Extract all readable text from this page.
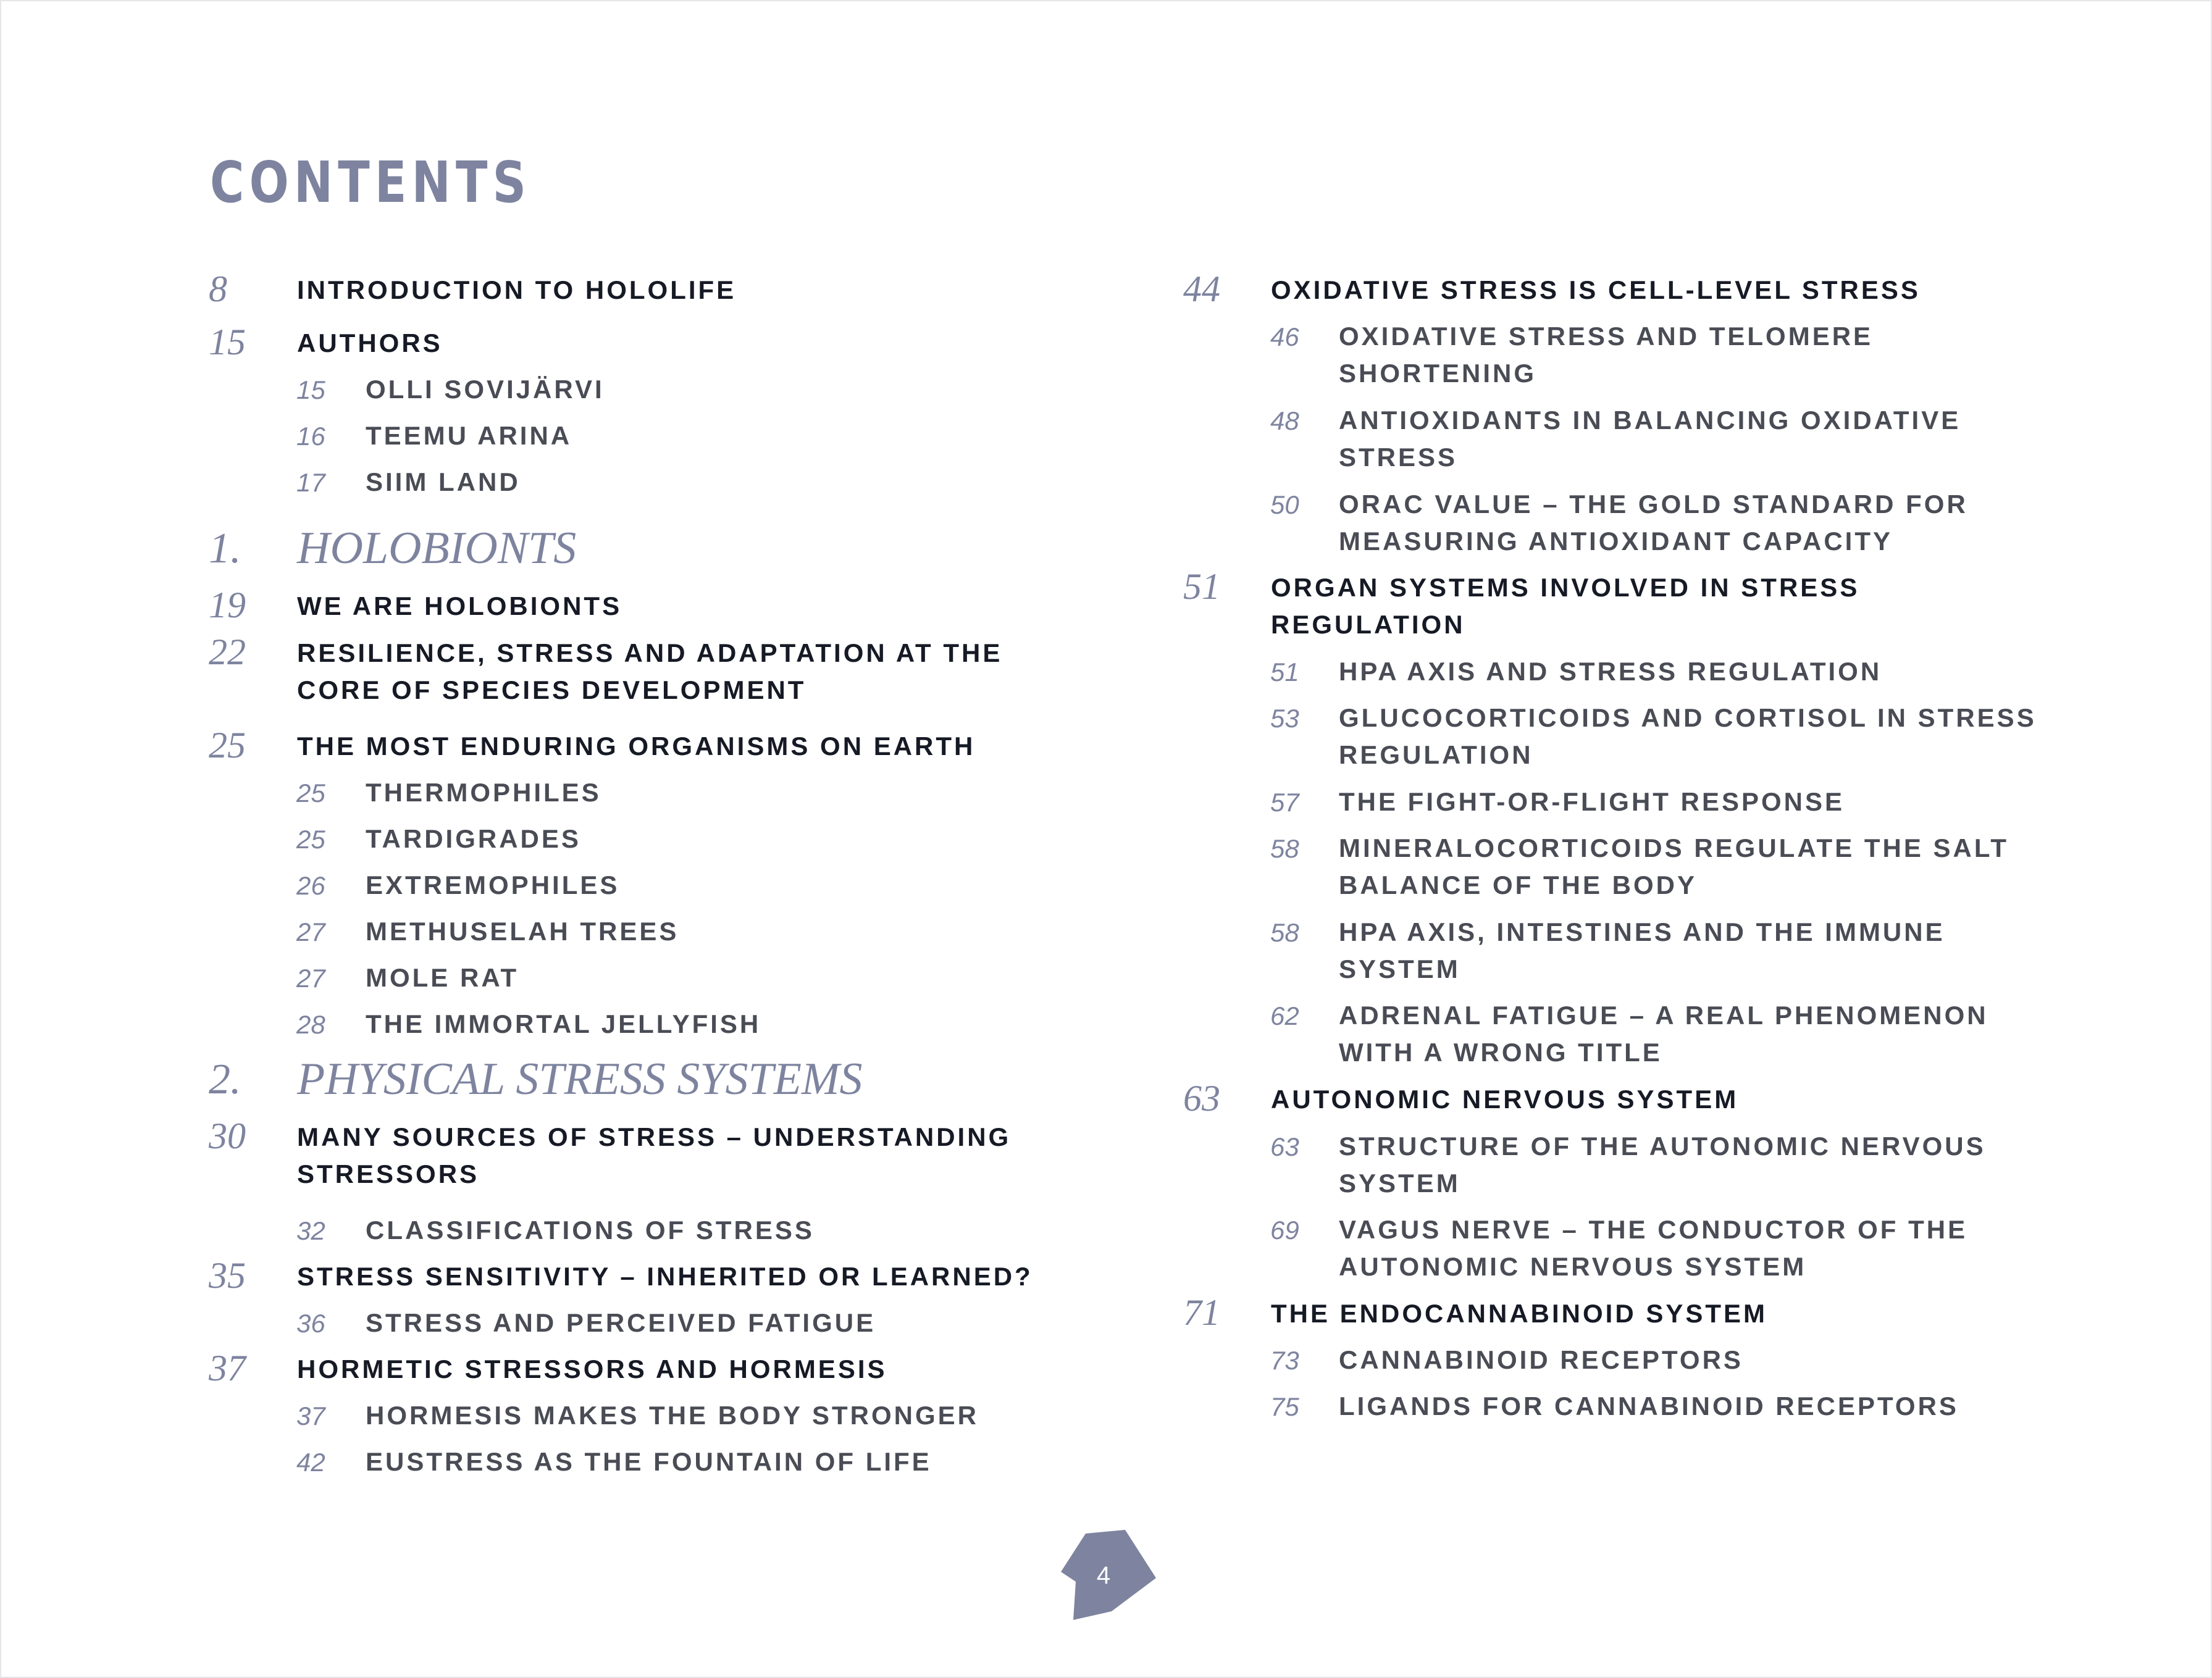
CONTENTS
8	INTRODUCTION TO HOLOLIFE
15 AUTHORS
15 OLLI SOVIJÄRVI
16 TEEMU ARINA
17 SIIM LAND
1. HOLOBIONTS
19 WE ARE HOLOBIONTS
22 RESILIENCE, STRESS AND ADAPTATION AT THE
CORE OF SPECIES DEVELOPMENT
25 THE MOST ENDURING ORGANISMS ON EARTH
25 THERMOPHILES
25 TARDIGRADES
26 EXTREMOPHILES
27 METHUSELAH TREES
27 MOLE RAT
28 THE IMMORTAL JELLYFISH
2. PHYSICAL STRESS SYSTEMS
30 MANY SOURCES OF STRESS – UNDERSTANDING
STRESSORS
32 CLASSIFICATIONS OF STRESS
35 STRESS SENSITIVITY – INHERITED OR LEARNED?
36 STRESS AND PERCEIVED FATIGUE
37 HORMETIC STRESSORS AND HORMESIS
37 HORMESIS MAKES THE BODY STRONGER
42 EUSTRESS AS THE FOUNTAIN OF LIFE
44 OXIDATIVE STRESS IS CELL-LEVEL STRESS
46 OXIDATIVE STRESS AND TELOMERE
SHORTENING
48 ANTIOXIDANTS IN BALANCING OXIDATIVE
STRESS
50 ORAC VALUE – THE GOLD STANDARD FOR
MEASURING ANTIOXIDANT CAPACITY
51 ORGAN SYSTEMS INVOLVED IN STRESS
REGULATION
51 HPA AXIS AND STRESS REGULATION
53 GLUCOCORTICOIDS AND CORTISOL IN STRESS
REGULATION
57 THE FIGHT-OR-FLIGHT RESPONSE
58 MINERALOCORTICOIDS REGULATE THE SALT
BALANCE OF THE BODY
58 HPA AXIS, INTESTINES AND THE IMMUNE
SYSTEM
62 ADRENAL FATIGUE – A REAL PHENOMENON
WITH A WRONG TITLE
63 AUTONOMIC NERVOUS SYSTEM
63 STRUCTURE OF THE AUTONOMIC NERVOUS
SYSTEM
69 VAGUS NERVE – THE CONDUCTOR OF THE
AUTONOMIC NERVOUS SYSTEM
71 THE ENDOCANNABINOID SYSTEM
73 CANNABINOID RECEPTORS
75 LIGANDS FOR CANNABINOID RECEPTORS
4
